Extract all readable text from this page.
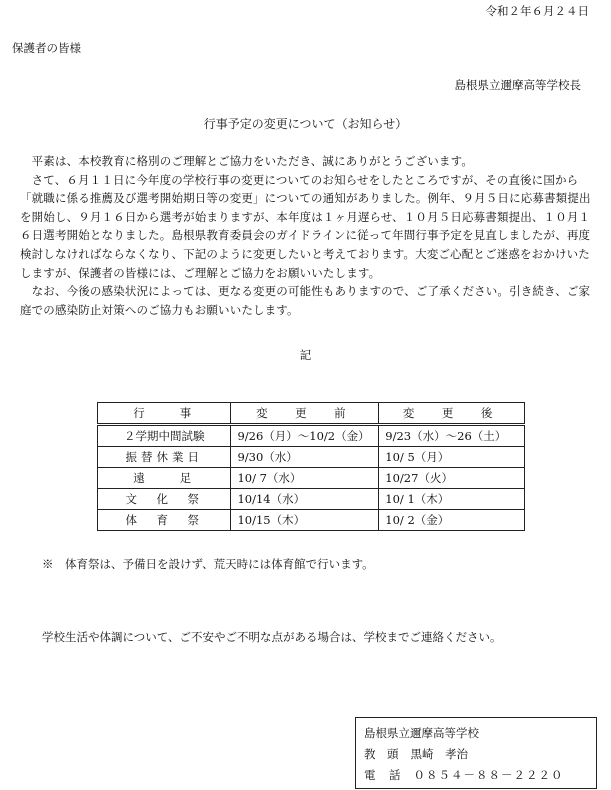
令和２年６月２４日
保護者の皆様
島根県立邇摩高等学校長
行事予定の変更について（お知らせ）

　平素は、本校教育に格別のご理解とご協力をいただき、誠にありがとうございます。

　さて、６月１１日に今年度の学校行事の変更についてのお知らせをしたところですが、その直後に国から「就職に係る推薦及び選考開始期日等の変更」についての通知がありました。例年、９月５日に応募書類提出を開始し、９月１６日から選考が始まりますが、本年度は１ヶ月遅らせ、１０月５日応募書類提出、１０月１６日選考開始となりました。島根県教育委員会のガイドラインに従って年間行事予定を見直しましたが、再度検討しなければならなくなり、下記のように変更したいと考えております。大変ご心配とご迷惑をおかけいたしますが、保護者の皆様には、ご理解とご協力をお願いいたします。

　なお、今後の感染状況によっては、更なる変更の可能性もありますので、ご了承ください。引き続き、ご家庭での感染防止対策へのご協力もお願いいたします。

記
行　　事	変　更　前	変　更　後
２学期中間試験	9/26（月）～10/2（金）	9/23（水）～26（土）
振替休業日	9/30（水）	10/ 5（月）
遠　　足	10/ 7（水）	10/27（火）
文　化　祭	10/14（水）	10/ 1（木）
体　育　祭	10/15（木）	10/ 2（金）
※　体育祭は、予備日を設けず、荒天時には体育館で行います。
学校生活や体調について、ご不安やご不明な点がある場合は、学校までご連絡ください。
島根県立邇摩高等学校
教　頭 黒崎　孝治
電　話 ０８５４－８８－２２２０
